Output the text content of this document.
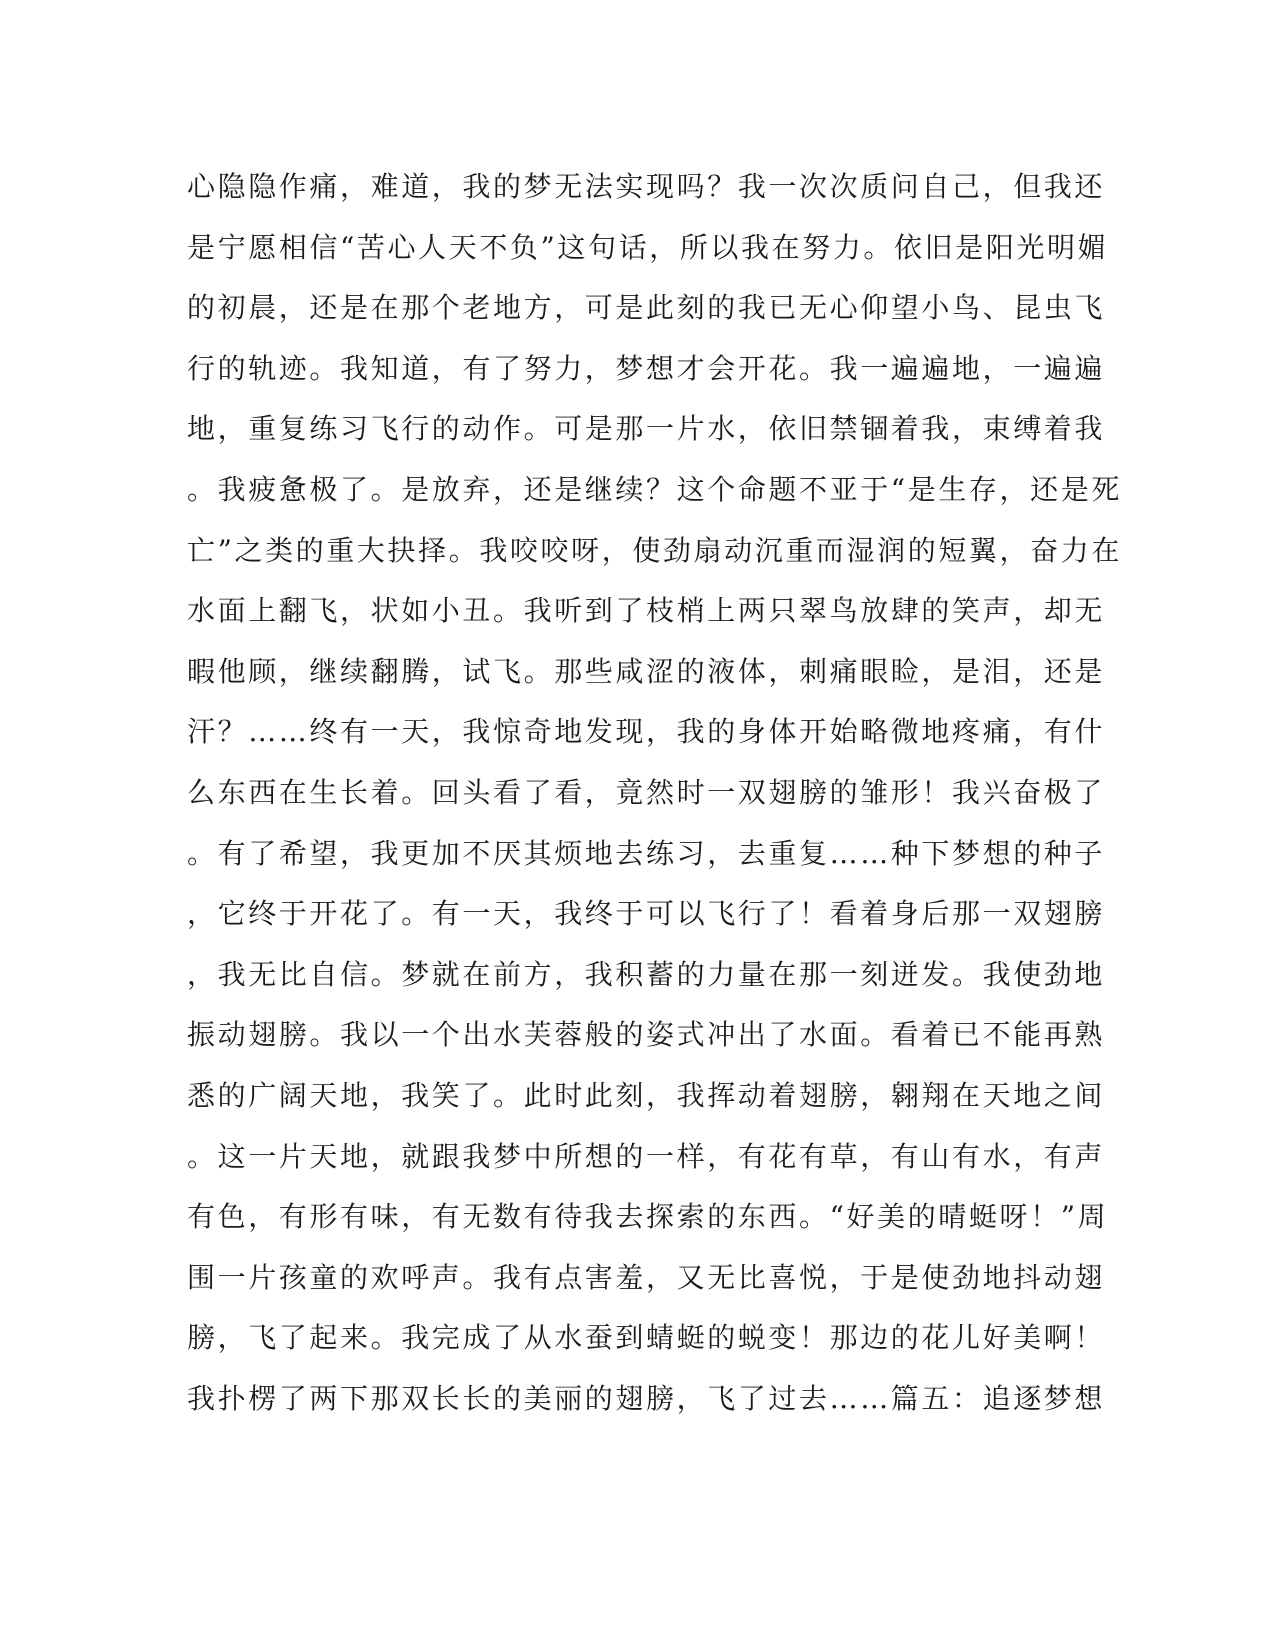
心隐隐作痛，难道，我的梦无法实现吗？我一次次质问自己，但我还
是宁愿相信“苦心人天不负”这句话，所以我在努力。依旧是阳光明媚
的初晨，还是在那个老地方，可是此刻的我已无心仰望小鸟、昆虫飞
行的轨迹。我知道，有了努力，梦想才会开花。我一遍遍地，一遍遍
地，重复练习飞行的动作。可是那一片水，依旧禁锢着我，束缚着我
。我疲惫极了。是放弃，还是继续？这个命题不亚于“是生存，还是死
亡”之类的重大抉择。我咬咬呀，使劲扇动沉重而湿润的短翼，奋力在
水面上翻飞，状如小丑。我听到了枝梢上两只翠鸟放肆的笑声，却无
暇他顾，继续翻腾，试飞。那些咸涩的液体，刺痛眼睑，是泪，还是
汗？……终有一天，我惊奇地发现，我的身体开始略微地疼痛，有什
么东西在生长着。回头看了看，竟然时一双翅膀的雏形！我兴奋极了
。有了希望，我更加不厌其烦地去练习，去重复……种下梦想的种子
，它终于开花了。有一天，我终于可以飞行了！看着身后那一双翅膀
，我无比自信。梦就在前方，我积蓄的力量在那一刻迸发。我使劲地
振动翅膀。我以一个出水芙蓉般的姿式冲出了水面。看着已不能再熟
悉的广阔天地，我笑了。此时此刻，我挥动着翅膀，翱翔在天地之间
。这一片天地，就跟我梦中所想的一样，有花有草，有山有水，有声
有色，有形有味，有无数有待我去探索的东西。“好美的晴蜓呀！”周
围一片孩童的欢呼声。我有点害羞，又无比喜悦，于是使劲地抖动翅
膀，飞了起来。我完成了从水蚕到蜻蜓的蜕变！那边的花儿好美啊！
我扑楞了两下那双长长的美丽的翅膀，飞了过去……篇五：追逐梦想
